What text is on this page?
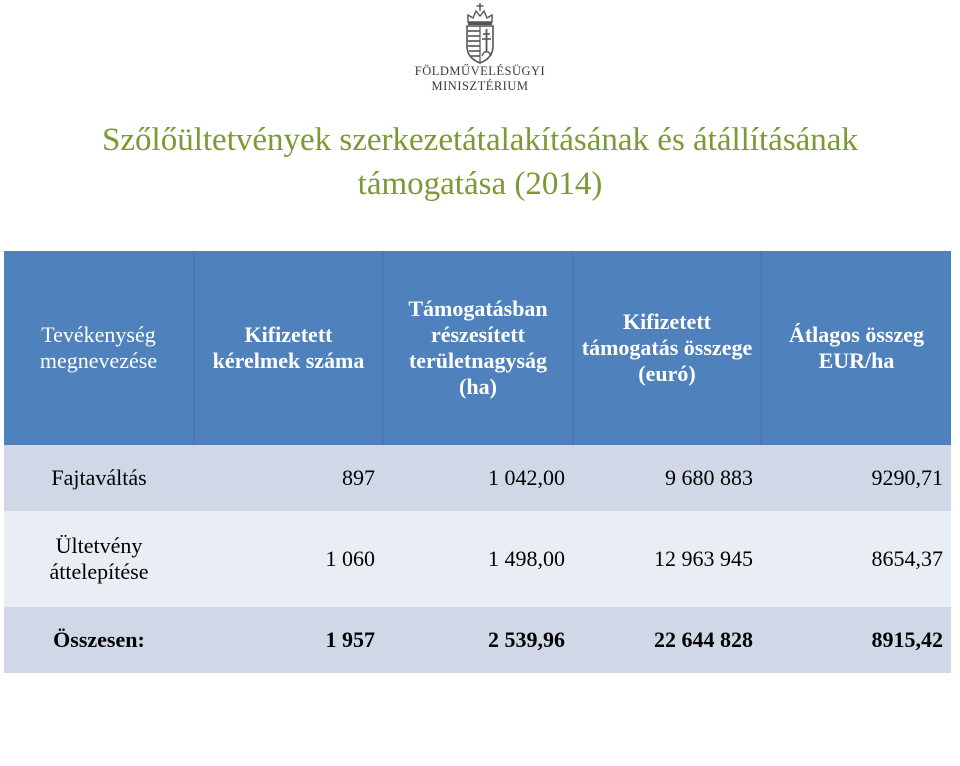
FÖLDMŰVELÉSÜGYI
MINISZTÉRIUM
Szőlőültetvények szerkezetátalakításának és átállításának
támogatása (2014)
Tevékenység megnevezése	Kifizetett kérelmek száma	Támogatásban részesített területnagyság (ha)	Kifizetett támogatás összege (euró)	Átlagos összeg EUR/ha
Fajtaváltás	897	1 042,00	9 680 883	9290,71
Ültetvény áttelepítése	1 060	1 498,00	12 963 945	8654,37
Összesen:	1 957	2 539,96	22 644 828	8915,42
